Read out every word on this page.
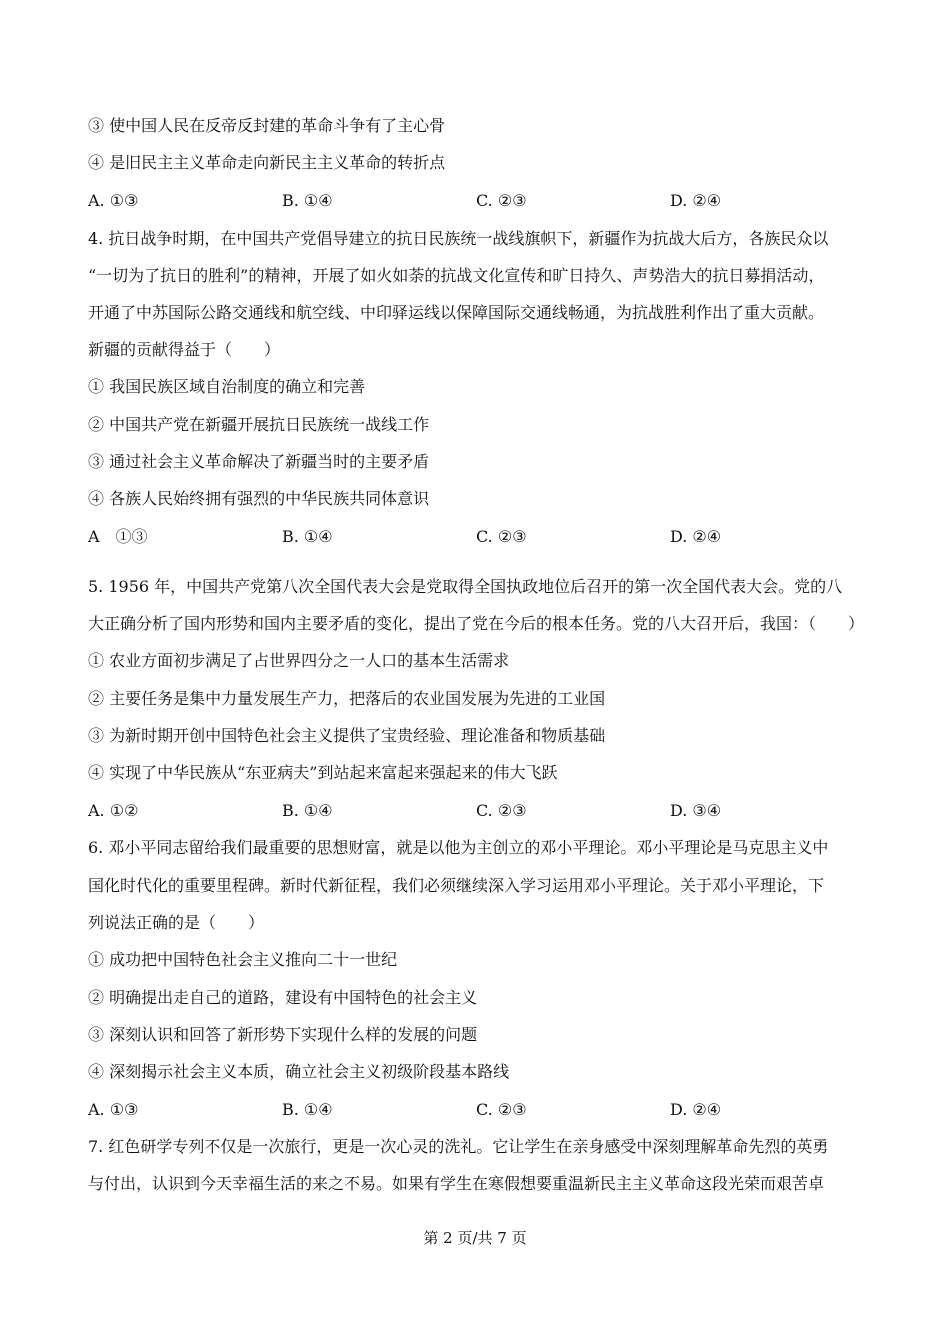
③ 使中国人民在反帝反封建的革命斗争有了主心骨
④ 是旧民主主义革命走向新民主主义革命的转折点
A. ①③	B. ①④	C. ②③	D. ②④
4. 抗日战争时期，在中国共产党倡导建立的抗日民族统一战线旗帜下，新疆作为抗战大后方，各族民众以
“一切为了抗日的胜利”的精神，开展了如火如荼的抗战文化宣传和旷日持久、声势浩大的抗日募捐活动，
开通了中苏国际公路交通线和航空线、中印驿运线以保障国际交通线畅通，为抗战胜利作出了重大贡献。
新疆的贡献得益于（　　）
① 我国民族区域自治制度的确立和完善
② 中国共产党在新疆开展抗日民族统一战线工作
③ 通过社会主义革命解决了新疆当时的主要矛盾
④ 各族人民始终拥有强烈的中华民族共同体意识
A　①③	B. ①④	C. ②③	D. ②④
5. 1956 年，中国共产党第八次全国代表大会是党取得全国执政地位后召开的第一次全国代表大会。党的八
大正确分析了国内形势和国内主要矛盾的变化，提出了党在今后的根本任务。党的八大召开后，我国：（　　）
① 农业方面初步满足了占世界四分之一人口的基本生活需求
② 主要任务是集中力量发展生产力，把落后的农业国发展为先进的工业国
③ 为新时期开创中国特色社会主义提供了宝贵经验、理论准备和物质基础
④ 实现了中华民族从“东亚病夫”到站起来富起来强起来的伟大飞跃
A. ①②	B. ①④	C. ②③	D. ③④
6. 邓小平同志留给我们最重要的思想财富，就是以他为主创立的邓小平理论。邓小平理论是马克思主义中
国化时代化的重要里程碑。新时代新征程，我们必须继续深入学习运用邓小平理论。关于邓小平理论，下
列说法正确的是（　　）
① 成功把中国特色社会主义推向二十一世纪
② 明确提出走自己的道路，建设有中国特色的社会主义
③ 深刻认识和回答了新形势下实现什么样的发展的问题
④ 深刻揭示社会主义本质，确立社会主义初级阶段基本路线
A. ①③	B. ①④	C. ②③	D. ②④
7. 红色研学专列不仅是一次旅行，更是一次心灵的洗礼。它让学生在亲身感受中深刻理解革命先烈的英勇
与付出，认识到今天幸福生活的来之不易。如果有学生在寒假想要重温新民主主义革命这段光荣而艰苦卓
第 2 页/共 7 页
